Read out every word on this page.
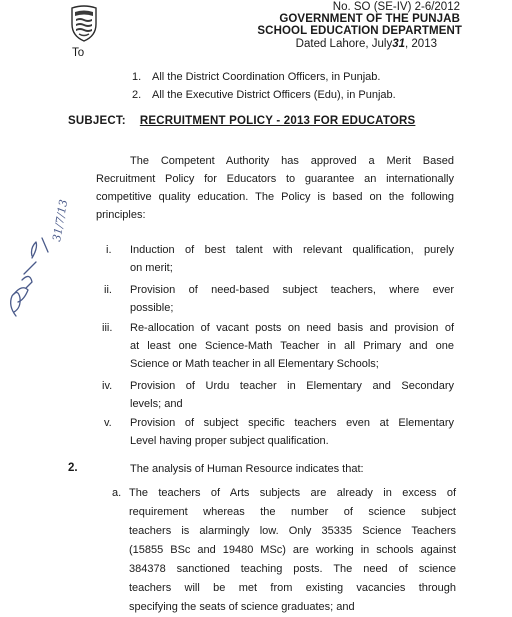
No. SO (SE-IV) 2-6/2012
GOVERNMENT OF THE PUNJAB
SCHOOL EDUCATION DEPARTMENT
Dated Lahore, July31, 2013
To
1. All the District Coordination Officers, in Punjab.
2. All the Executive District Officers (Edu), in Punjab.
SUBJECT: RECRUITMENT POLICY - 2013 FOR EDUCATORS
The Competent Authority has approved a Merit Based
Recruitment Policy for Educators to guarantee an internationally
competitive quality education. The Policy is based on the following
principles:
i.	Induction of best talent with relevant qualification, purely
on merit;
ii.	Provision of need-based subject teachers, where ever
possible;
iii.	Re-allocation of vacant posts on need basis and provision of
at least one Science-Math Teacher in all Primary and one
Science or Math teacher in all Elementary Schools;
iv.	Provision of Urdu teacher in Elementary and Secondary
levels; and
v.	Provision of subject specific teachers even at Elementary
Level having proper subject qualification.
2.	The analysis of Human Resource indicates that:
a. The teachers of Arts subjects are already in excess of
requirement whereas the number of science subject
teachers is alarmingly low. Only 35335 Science Teachers
(15855 BSc and 19480 MSc) are working in schools against
384378 sanctioned teaching posts. The need of science
teachers will be met from existing vacancies through
specifying the seats of science graduates; and
31/7/13
